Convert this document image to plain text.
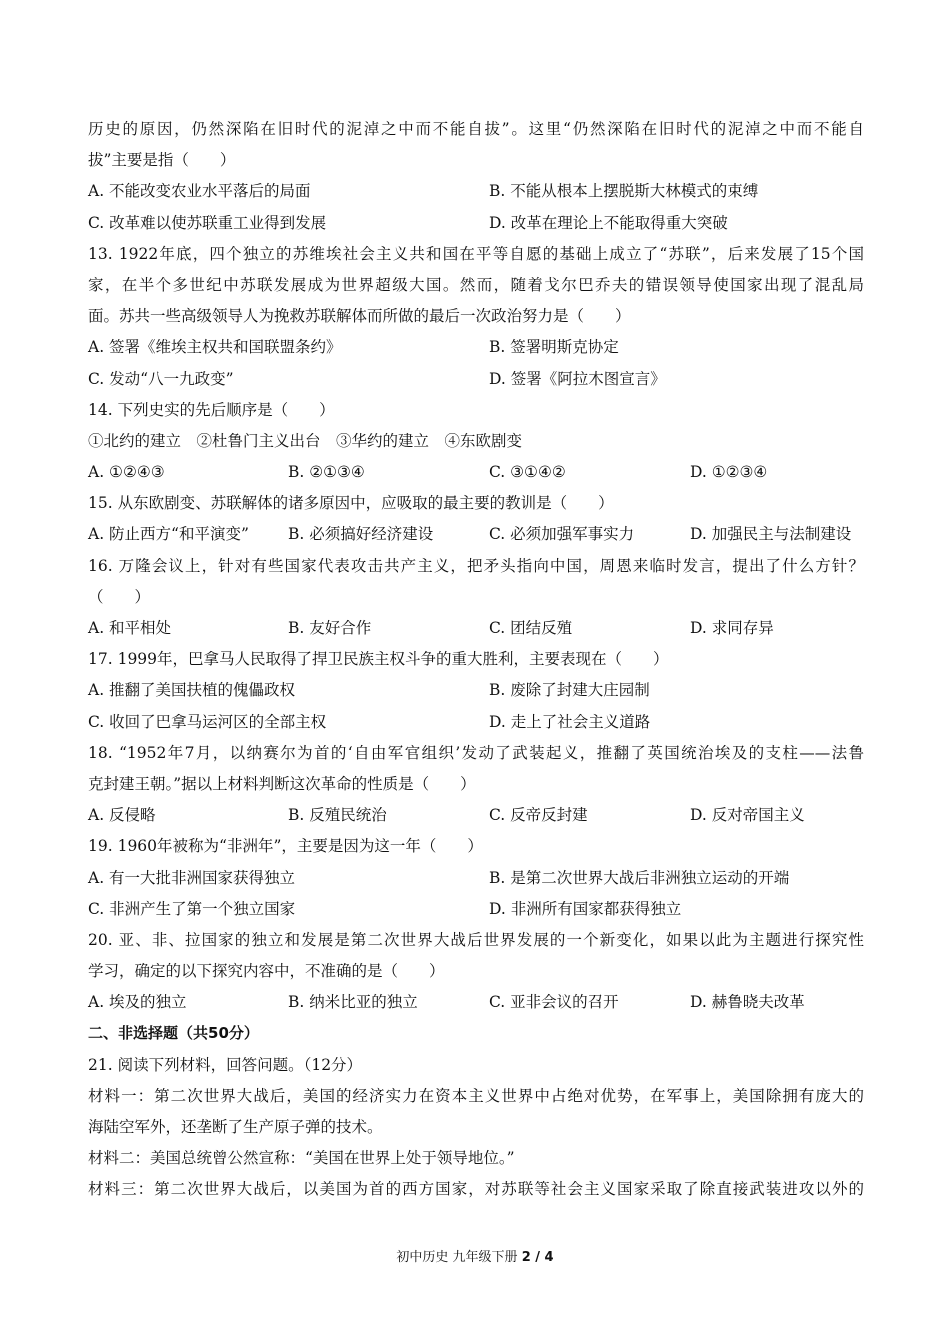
历史的原因，仍然深陷在旧时代的泥淖之中而不能自拔”。这里“仍然深陷在旧时代的泥淖之中而不能自
拔”主要是指（　　）
A. 不能改变农业水平落后的局面	B. 不能从根本上摆脱斯大林模式的束缚
C. 改革难以使苏联重工业得到发展	D. 改革在理论上不能取得重大突破
13. 1922年底，四个独立的苏维埃社会主义共和国在平等自愿的基础上成立了“苏联”，后来发展了15个国
家，在半个多世纪中苏联发展成为世界超级大国。然而，随着戈尔巴乔夫的错误领导使国家出现了混乱局
面。苏共一些高级领导人为挽救苏联解体而所做的最后一次政治努力是（　　）
A. 签署《维埃主权共和国联盟条约》	B. 签署明斯克协定
C. 发动“八一九政变”	D. 签署《阿拉木图宣言》
14. 下列史实的先后顺序是（　　）
①北约的建立　②杜鲁门主义出台　③华约的建立　④东欧剧变
A. ①②④③	B. ②①③④	C. ③①④②	D. ①②③④
15. 从东欧剧变、苏联解体的诸多原因中，应吸取的最主要的教训是（　　）
A. 防止西方“和平演变”	B. 必须搞好经济建设	C. 必须加强军事实力	D. 加强民主与法制建设
16. 万隆会议上，针对有些国家代表攻击共产主义，把矛头指向中国，周恩来临时发言，提出了什么方针？
（　　）
A. 和平相处	B. 友好合作	C. 团结反殖	D. 求同存异
17. 1999年，巴拿马人民取得了捍卫民族主权斗争的重大胜利，主要表现在（　　）
A. 推翻了美国扶植的傀儡政权	B. 废除了封建大庄园制
C. 收回了巴拿马运河区的全部主权	D. 走上了社会主义道路
18. “1952年7月，以纳赛尔为首的‘自由军官组织’发动了武装起义，推翻了英国统治埃及的支柱——法鲁
克封建王朝。”据以上材料判断这次革命的性质是（　　）
A. 反侵略	B. 反殖民统治	C. 反帝反封建	D. 反对帝国主义
19. 1960年被称为“非洲年”，主要是因为这一年（　　）
A. 有一大批非洲国家获得独立	B. 是第二次世界大战后非洲独立运动的开端
C. 非洲产生了第一个独立国家	D. 非洲所有国家都获得独立
20. 亚、非、拉国家的独立和发展是第二次世界大战后世界发展的一个新变化，如果以此为主题进行探究性
学习，确定的以下探究内容中，不准确的是（　　）
A. 埃及的独立	B. 纳米比亚的独立	C. 亚非会议的召开	D. 赫鲁晓夫改革
二、非选择题（共50分）
21. 阅读下列材料，回答问题。（12分）
材料一：第二次世界大战后，美国的经济实力在资本主义世界中占绝对优势，在军事上，美国除拥有庞大的
海陆空军外，还垄断了生产原子弹的技术。
材料二：美国总统曾公然宣称：“美国在世界上处于领导地位。”
材料三：第二次世界大战后，以美国为首的西方国家，对苏联等社会主义国家采取了除直接武装进攻以外的
初中历史 九年级下册 2 / 4
